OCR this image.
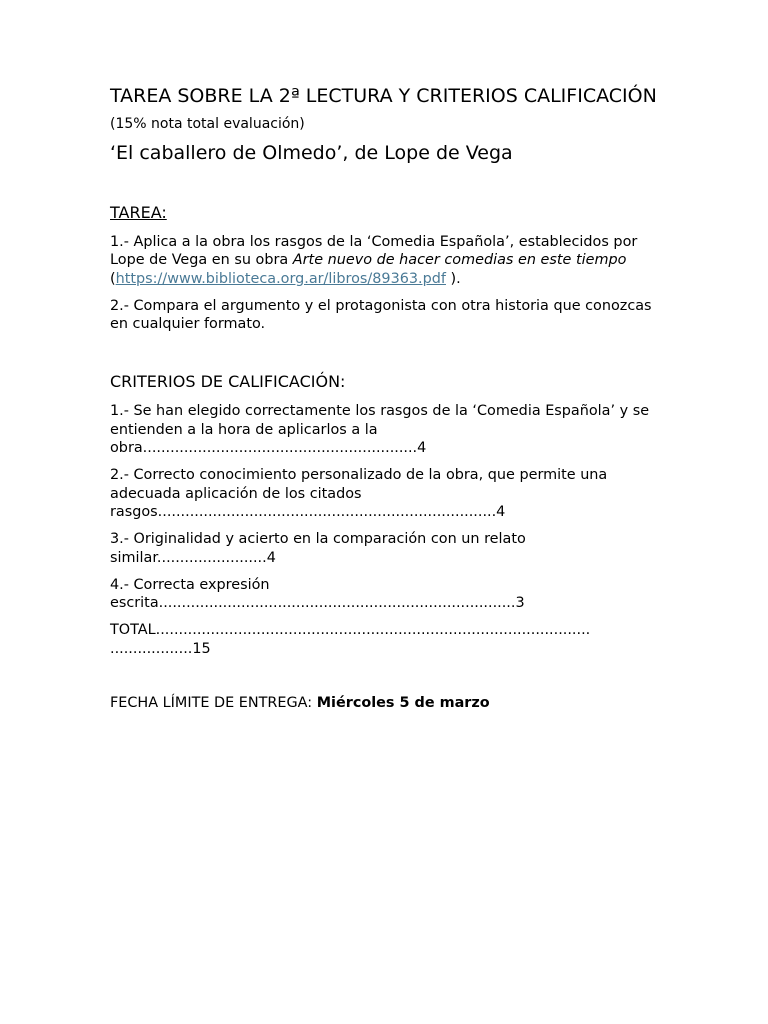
TAREA SOBRE LA 2ª LECTURA Y CRITERIOS CALIFICACIÓN

(15% nota total evaluación)

‘El caballero de Olmedo’, de Lope de Vega

TAREA:

1.- Aplica a la obra los rasgos de la ‘Comedia Española’, establecidos por Lope de Vega en su obra Arte nuevo de hacer comedias en este tiempo (https://www.biblioteca.org.ar/libros/89363.pdf ).

2.- Compara el argumento y el protagonista con otra historia que conozcas en cualquier formato.

CRITERIOS DE CALIFICACIÓN:

1.- Se han elegido correctamente los rasgos de la ‘Comedia Española’ y se entienden a la hora de aplicarlos a la
obra............................................................4

2.- Correcto conocimiento personalizado de la obra, que permite una adecuada aplicación de los citados
rasgos..........................................................................4

3.- Originalidad y acierto en la comparación con un relato
similar........................4

4.- Correcta expresión
escrita..............................................................................3

TOTAL...............................................................................................
..................15

FECHA LÍMITE DE ENTREGA: Miércoles 5 de marzo
